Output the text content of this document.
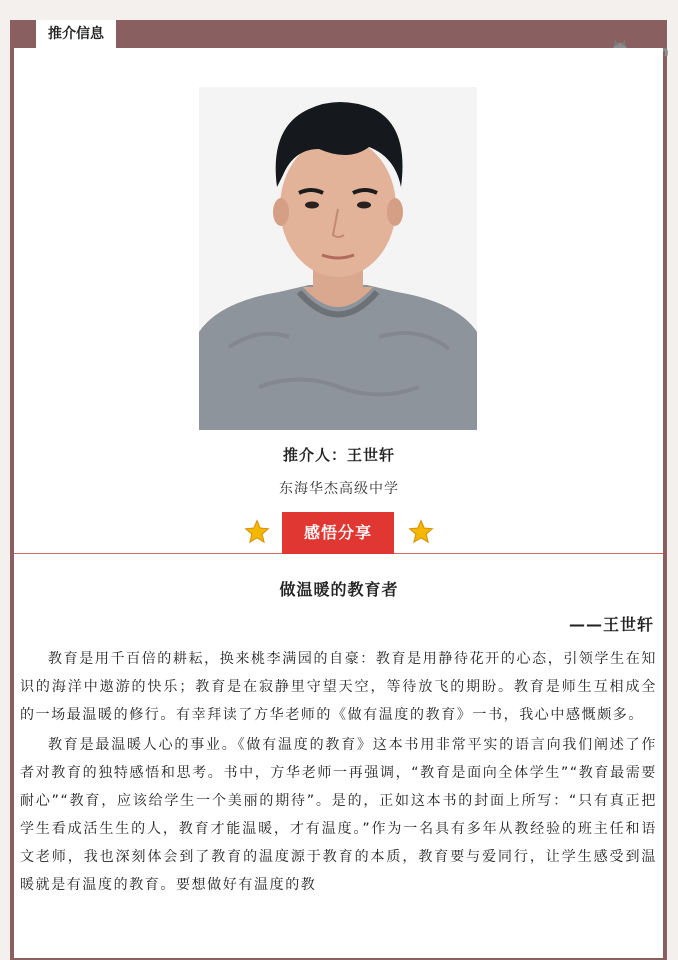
推介信息
推介人：王世轩
东海华杰高级中学
感悟分享
做温暖的教育者
——王世轩

教育是用千百倍的耕耘，换来桃李满园的自豪：教育是用静待花开的心态，引领学生在知识的海洋中遨游的快乐；教育是在寂静里守望天空，等待放飞的期盼。教育是师生互相成全的一场最温暖的修行。有幸拜读了方华老师的《做有温度的教育》一书，我心中感慨颇多。

教育是最温暖人心的事业。《做有温度的教育》这本书用非常平实的语言向我们阐述了作者对教育的独特感悟和思考。书中，方华老师一再强调，“教育是面向全体学生”“教育最需要耐心”“教育，应该给学生一个美丽的期待”。是的，正如这本书的封面上所写：“只有真正把学生看成活生生的人，教育才能温暖，才有温度。”作为一名具有多年从教经验的班主任和语文老师，我也深刻体会到了教育的温度源于教育的本质，教育要与爱同行，让学生感受到温暖就是有温度的教育。要想做好有温度的教
